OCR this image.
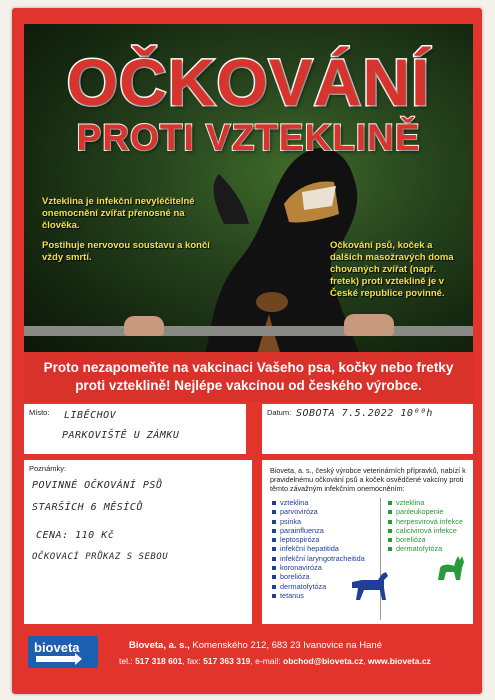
OČKOVÁNÍ
PROTI VZTEKLINĚ

Vzteklina je infekční nevyléčitelné onemocnění zvířat přenosné na člověka.

Postihuje nervovou soustavu a končí vždy smrtí.

Očkování psů, koček a dalších masožravých doma chovaných zvířat (např. fretek) proti vzteklině je v České republice povinné.
Proto nezapomeňte na vakcinaci Vašeho psa, kočky nebo fretky
proti vzteklině! Nejlépe vakcínou od českého výrobce.
Místo: LIBĚCHOV
PARKOVIŠTĚ U ZÁMKU
Datum: SOBOTA 7.5.2022 10⁰⁰h
Poznámky:
POVINNÉ OČKOVÁNÍ PSŮ
STARŠÍCH 6 MĚSÍCŮ
CENA: 110 Kč
OČKOVACÍ PRŮKAZ S SEBOU
Bioveta, a. s., český výrobce veterinárních přípravků, nabízí k pravidelnému očkování psů a koček osvědčené vakcíny proti těmto závažným infekčním onemocněním:
vzteklina
parvoviróza
psinka
parainfluenza
leptospiróza
infekční hepatitida
infekční laryngotracheitida
koronaviróza
borelióza
dermatofytóza
tetanus
vzteklina
panleukopenie
herpesvirová infekce
calicivirová infekce
borelióza
dermatofytóza
bioveta	Bioveta, a. s., Komenského 212, 683 23 Ivanovice na Hané
tel.: 517 318 601, fax: 517 363 319, e-mail: obchod@bioveta.cz, www.bioveta.cz
